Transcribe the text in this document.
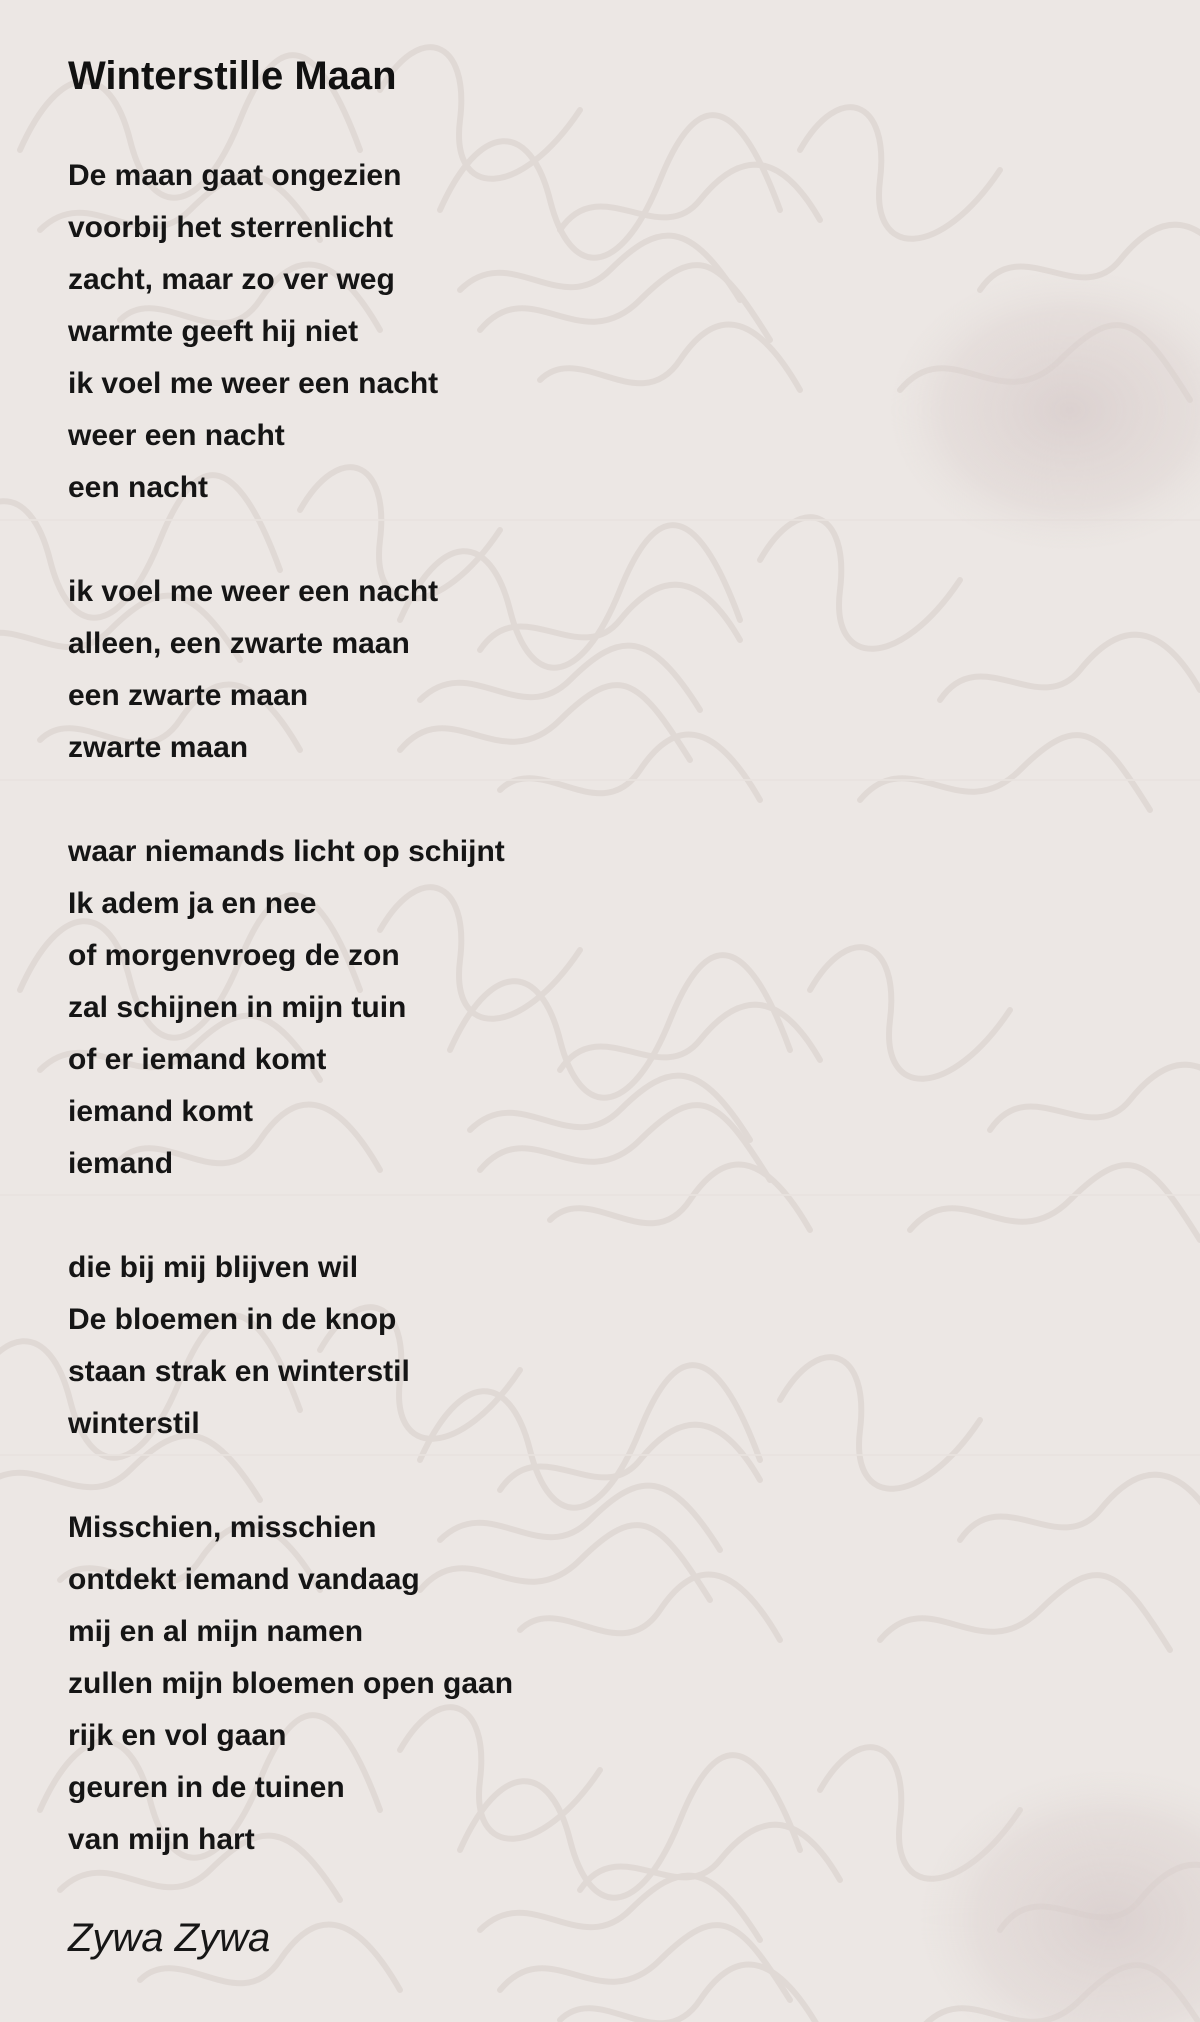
Winterstille Maan
De maan gaat ongezien
voorbij het sterrenlicht
zacht, maar zo ver weg
warmte geeft hij niet
ik voel me weer een nacht
weer een nacht
een nacht
ik voel me weer een nacht
alleen, een zwarte maan
een zwarte maan
zwarte maan
waar niemands licht op schijnt
Ik adem ja en nee
of morgenvroeg de zon
zal schijnen in mijn tuin
of er iemand komt
iemand komt
iemand
die bij mij blijven wil
De bloemen in de knop
staan strak en winterstil
winterstil
Misschien, misschien
ontdekt iemand vandaag
mij en al mijn namen
zullen mijn bloemen open gaan
rijk en vol gaan
geuren in de tuinen
van mijn hart
Zywa Zywa
